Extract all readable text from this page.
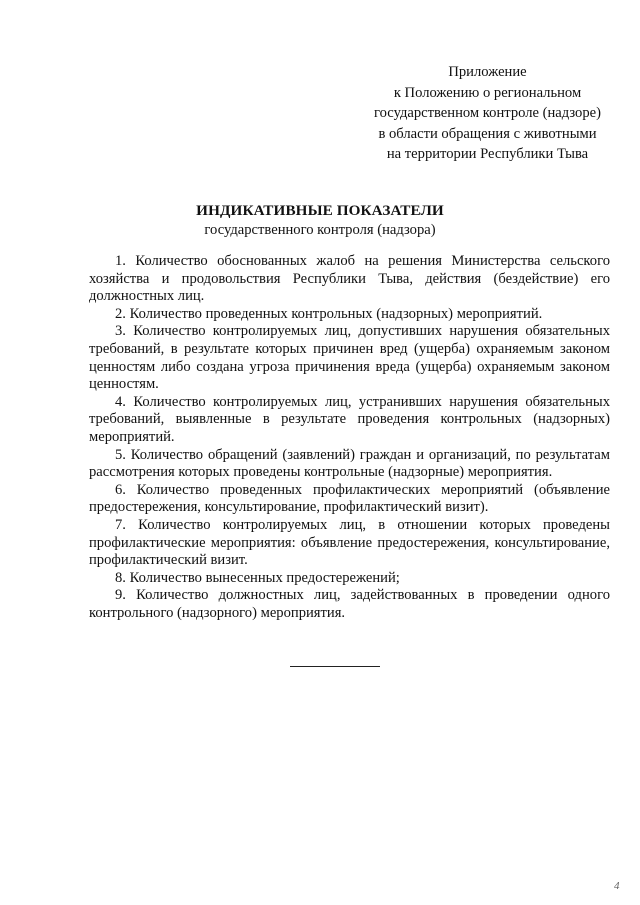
Приложение
к Положению о региональном
государственном контроле (надзоре)
в области обращения с животными
на территории Республики Тыва
ИНДИКАТИВНЫЕ ПОКАЗАТЕЛИ
государственного контроля (надзора)

1. Количество обоснованных жалоб на решения Министерства сельского хозяйства и продовольствия Республики Тыва, действия (бездействие) его должностных лиц.

2. Количество проведенных контрольных (надзорных) мероприятий.

3. Количество контролируемых лиц, допустивших нарушения обязательных требований, в результате которых причинен вред (ущерба) охраняемым законом ценностям либо создана угроза причинения вреда (ущерба) охраняемым законом ценностям.

4. Количество контролируемых лиц, устранивших нарушения обязательных требований, выявленные в результате проведения контрольных (надзорных) мероприятий.

5. Количество обращений (заявлений) граждан и организаций, по результатам рассмотрения которых проведены контрольные (надзорные) мероприятия.

6. Количество проведенных профилактических мероприятий (объявление предостережения, консультирование, профилактический визит).

7. Количество контролируемых лиц, в отношении которых проведены профилактические мероприятия: объявление предостережения, консультирование, профилактический визит.

8. Количество вынесенных предостережений;

9. Количество должностных лиц, задействованных в проведении одного контрольного (надзорного) мероприятия.

4
